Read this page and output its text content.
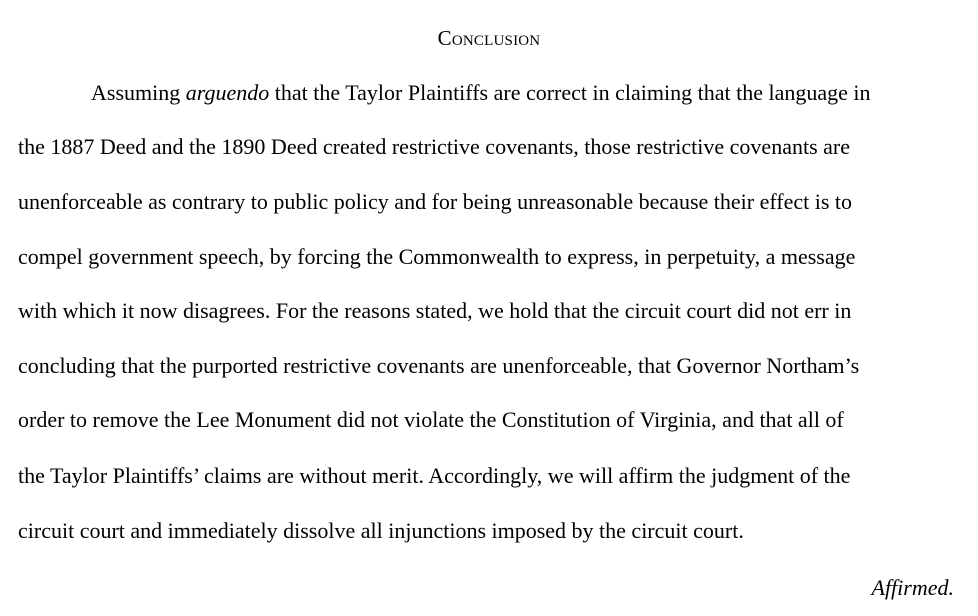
Conclusion
Assuming arguendo that the Taylor Plaintiffs are correct in claiming that the language in
the 1887 Deed and the 1890 Deed created restrictive covenants, those restrictive covenants are
unenforceable as contrary to public policy and for being unreasonable because their effect is to
compel government speech, by forcing the Commonwealth to express, in perpetuity, a message
with which it now disagrees. For the reasons stated, we hold that the circuit court did not err in
concluding that the purported restrictive covenants are unenforceable, that Governor Northam’s
order to remove the Lee Monument did not violate the Constitution of Virginia, and that all of
the Taylor Plaintiffs’ claims are without merit. Accordingly, we will affirm the judgment of the
circuit court and immediately dissolve all injunctions imposed by the circuit court.
Affirmed.
